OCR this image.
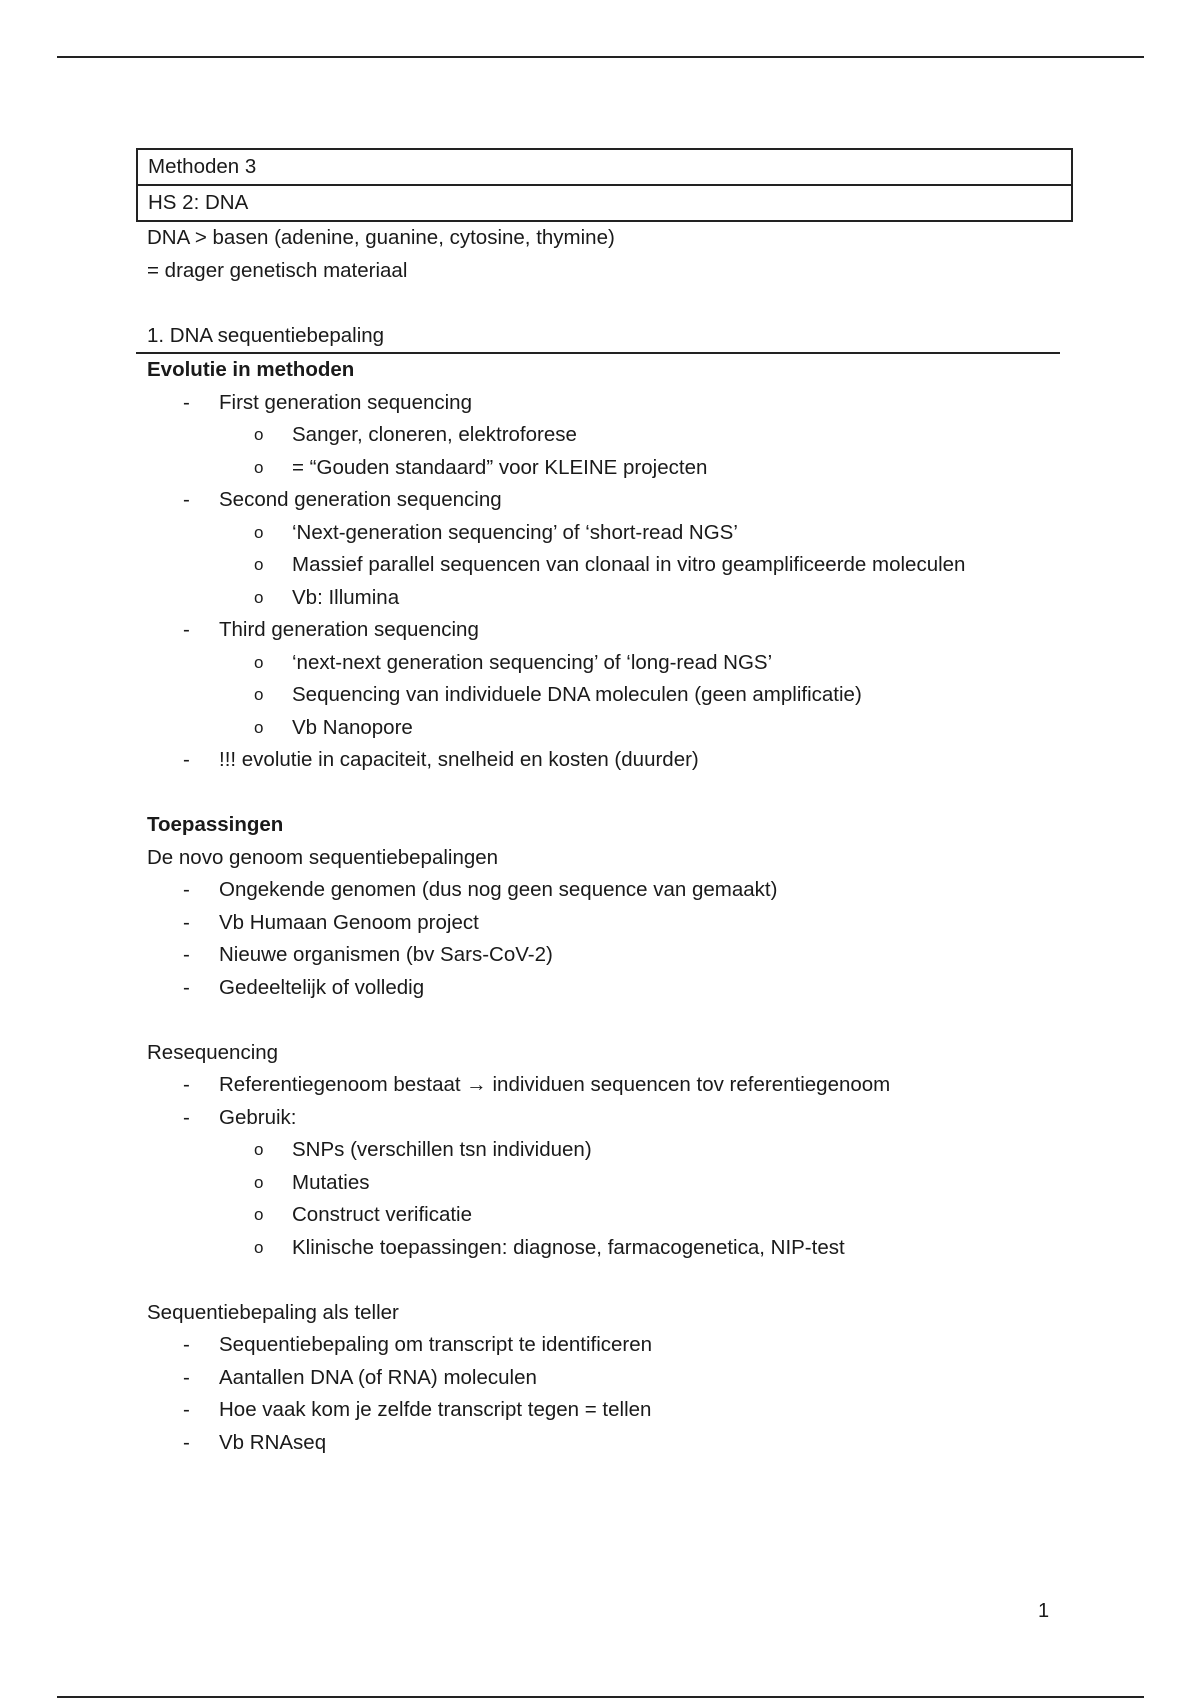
Methoden 3
HS 2: DNA
DNA > basen (adenine, guanine, cytosine, thymine)
= drager genetisch materiaal
1. DNA sequentiebepaling
Evolutie in methoden
- First generation sequencing
o Sanger, cloneren, elektroforese
o = “Gouden standaard” voor KLEINE projecten
- Second generation sequencing
o ‘Next-generation sequencing’ of ‘short-read NGS’
o Massief parallel sequencen van clonaal in vitro geamplificeerde moleculen
o Vb: Illumina
- Third generation sequencing
o ‘next-next generation sequencing’ of ‘long-read NGS’
o Sequencing van individuele DNA moleculen (geen amplificatie)
o Vb Nanopore
- !!! evolutie in capaciteit, snelheid en kosten (duurder)
Toepassingen
De novo genoom sequentiebepalingen
- Ongekende genomen (dus nog geen sequence van gemaakt)
- Vb Humaan Genoom project
- Nieuwe organismen (bv Sars-CoV-2)
- Gedeeltelijk of volledig
Resequencing
- Referentiegenoom bestaat → individuen sequencen tov referentiegenoom
- Gebruik:
o SNPs (verschillen tsn individuen)
o Mutaties
o Construct verificatie
o Klinische toepassingen: diagnose, farmacogenetica, NIP-test
Sequentiebepaling als teller
- Sequentiebepaling om transcript te identificeren
- Aantallen DNA (of RNA) moleculen
- Hoe vaak kom je zelfde transcript tegen = tellen
- Vb RNAseq
1
